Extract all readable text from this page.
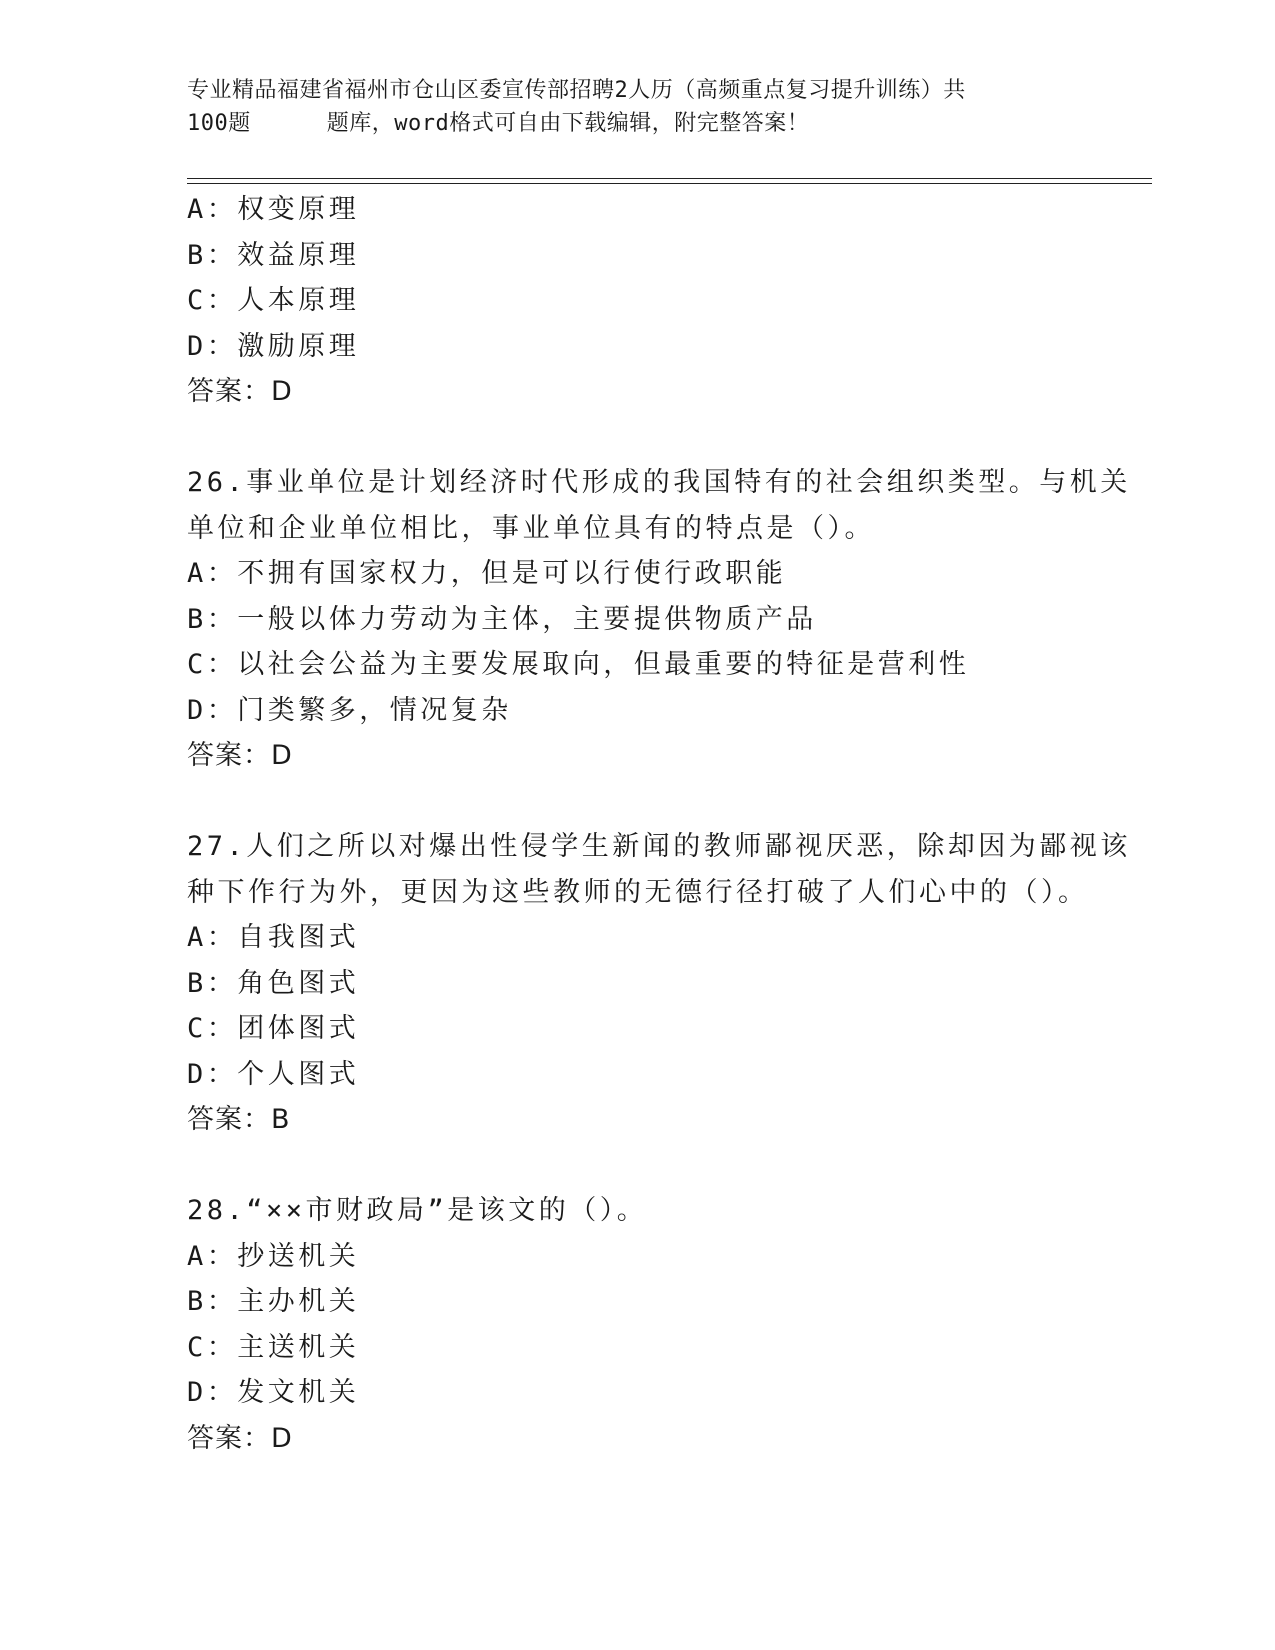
专业精品福建省福州市仓山区委宣传部招聘2人历（高频重点复习提升训练）共
100题	题库，word格式可自由下载编辑，附完整答案！
A：权变原理
B：效益原理
C：人本原理
D：激励原理
答案：D
26.事业单位是计划经济时代形成的我国特有的社会组织类型。与机关
单位和企业单位相比，事业单位具有的特点是（）。
A：不拥有国家权力，但是可以行使行政职能
B：一般以体力劳动为主体，主要提供物质产品
C：以社会公益为主要发展取向，但最重要的特征是营利性
D：门类繁多，情况复杂
答案：D
27.人们之所以对爆出性侵学生新闻的教师鄙视厌恶，除却因为鄙视该
种下作行为外，更因为这些教师的无德行径打破了人们心中的（）。
A：自我图式
B：角色图式
C：团体图式
D：个人图式
答案：B
28.“××市财政局”是该文的（）。
A：抄送机关
B：主办机关
C：主送机关
D：发文机关
答案：D
